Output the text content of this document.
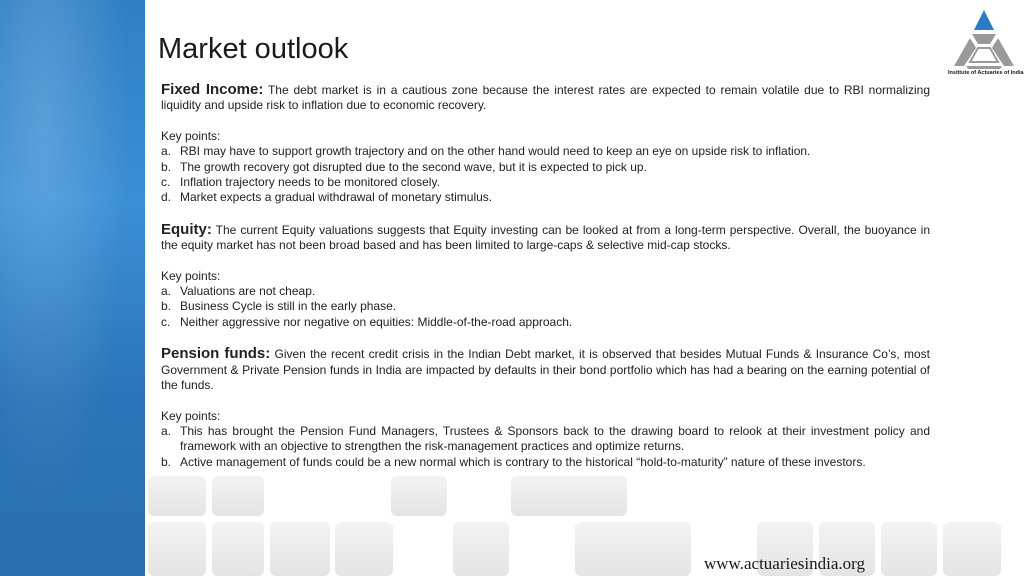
Market outlook
Institute of Actuaries of India

Fixed Income: The debt market is in a cautious zone because the interest rates are expected to remain volatile due to RBI normalizing liquidity and upside risk to inflation due to economic recovery.

Key points:

a. RBI may have to support growth trajectory and on the other hand would need to keep an eye on upside risk to inflation.
b. The growth recovery got disrupted due to the second wave, but it is expected to pick up.
c. Inflation trajectory needs to be monitored closely.
d. Market expects a gradual withdrawal of monetary stimulus.

Equity: The current Equity valuations suggests that Equity investing can be looked at from a long-term perspective. Overall, the buoyance in the equity market has not been broad based and has been limited to large-caps & selective mid-cap stocks.

Key points:

a. Valuations are not cheap.
b. Business Cycle is still in the early phase.
c. Neither aggressive nor negative on equities: Middle-of-the-road approach.

Pension funds: Given the recent credit crisis in the Indian Debt market, it is observed that besides Mutual Funds & Insurance Co’s, most Government & Private Pension funds in India are impacted by defaults in their bond portfolio which has had a bearing on the earning potential of the funds.

Key points:

a. This has brought the Pension Fund Managers, Trustees & Sponsors back to the drawing board to relook at their investment policy and framework with an objective to strengthen the risk-management practices and optimize returns.
b. Active management of funds could be a new normal which is contrary to the historical “hold-to-maturity” nature of these investors.
www.actuariesindia.org
